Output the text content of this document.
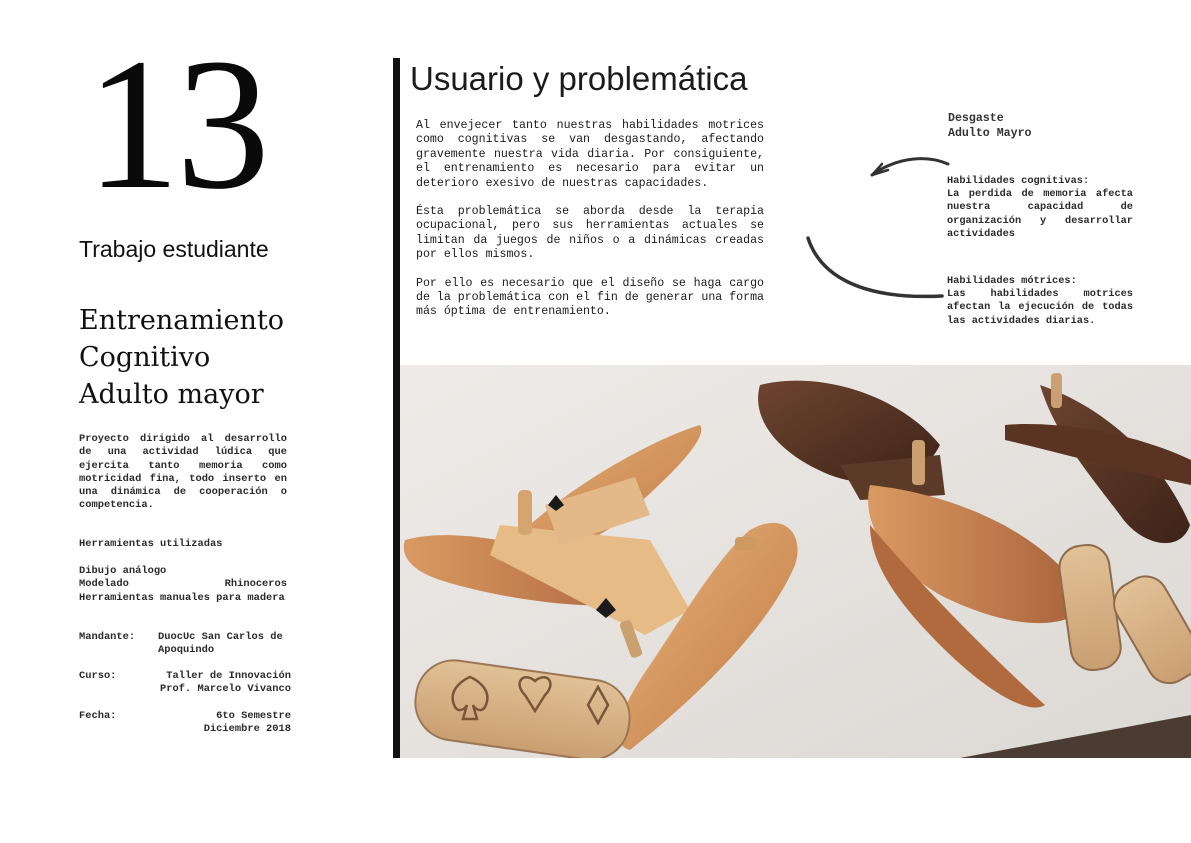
13
Trabajo estudiante
Entrenamiento
Cognitivo
Adulto mayor
Proyecto dirigido al desarrollo de una actividad lúdica que ejercita tanto memoria como motricidad fina, todo inserto en una dinámica de cooperación o competencia.
Herramientas utilizadas
Dibujo análogo
Modelado	Rhinoceros
Herramientas manuales para madera
Mandante:	DuocUc San Carlos de Apoquindo
Curso:	Taller de Innovación
Prof. Marcelo Vivanco
Fecha:	6to Semestre
Diciembre 2018
Usuario y problemática

Al envejecer tanto nuestras habilidades motrices como cognitivas se van desgastando, afectando gravemente nuestra vida diaria. Por consiguiente, el entrenamiento es necesario para evitar un deterioro exesivo de nuestras capacidades.

Ésta problemática se aborda desde la terapia ocupacional, pero sus herramientas actuales se limitan da juegos de niños o a dinámicas creadas por ellos mismos.

Por ello es necesario que el diseño se haga cargo de la problemática con el fin de generar una forma más óptima de entrenamiento.

Desgaste
Adulto Mayro
Habilidades cognitivas:
La perdida de memoria afecta nuestra capacidad de organización y desarrollar actividades
Habilidades mótrices:
Las habilidades motrices afectan la ejecución de todas las actividades diarias.
